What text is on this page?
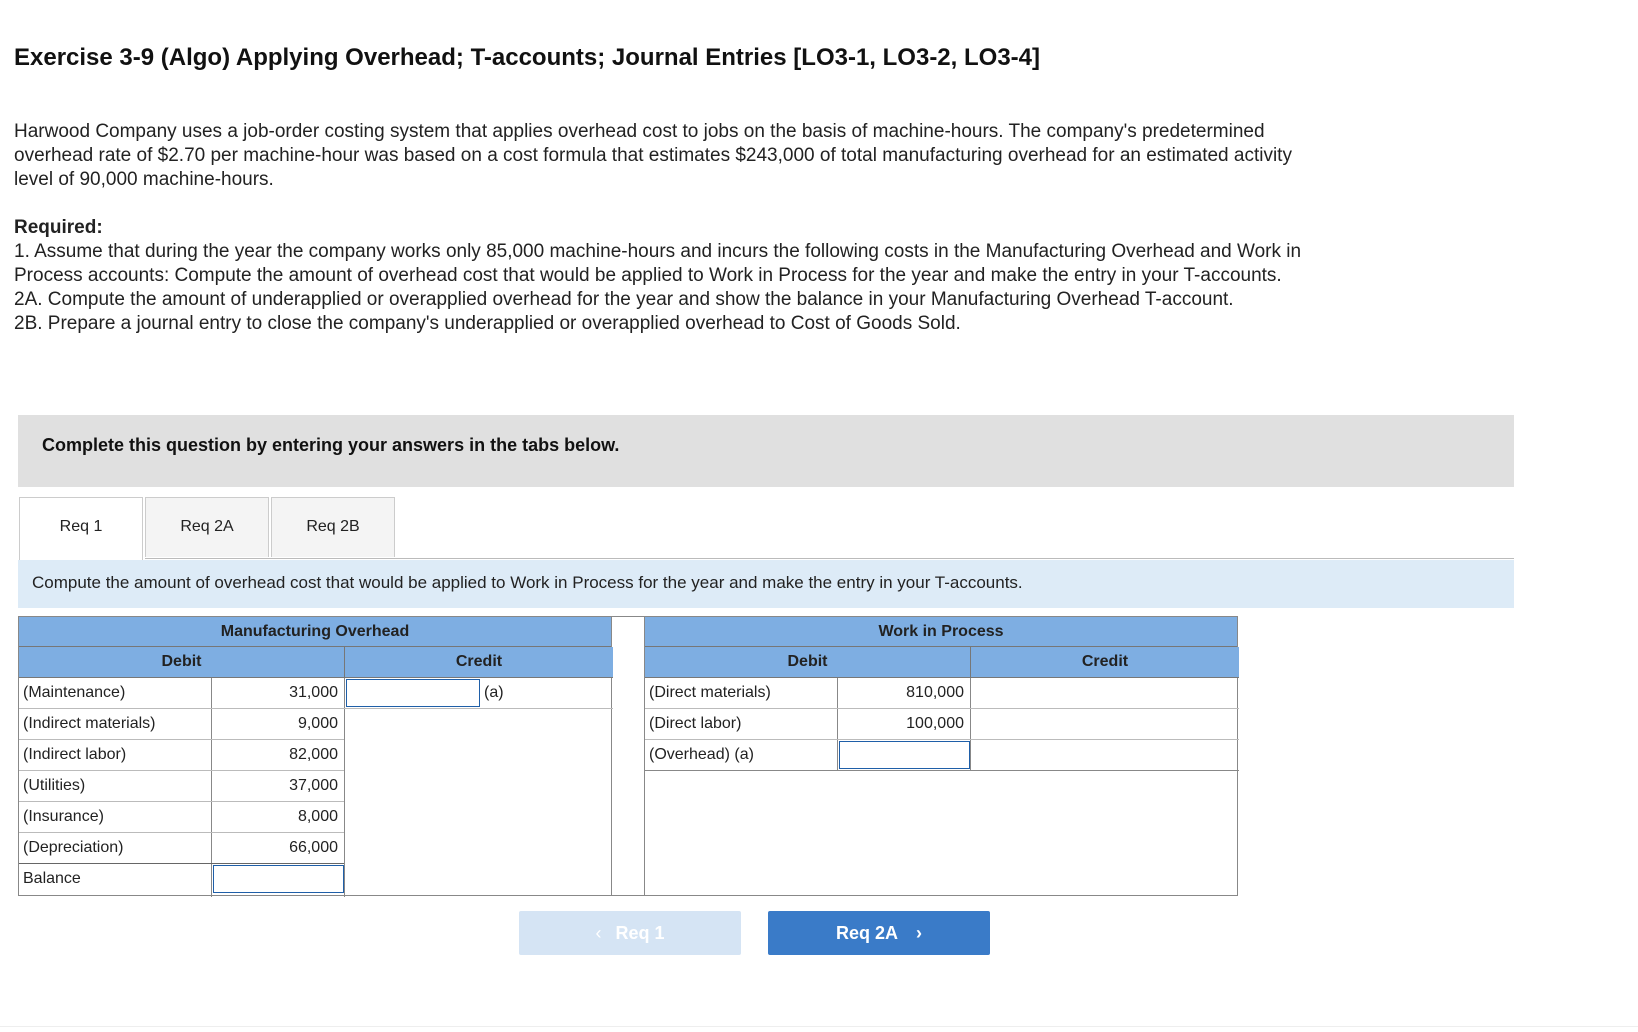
Exercise 3-9 (Algo) Applying Overhead; T-accounts; Journal Entries [LO3-1, LO3-2, LO3-4]

Harwood Company uses a job-order costing system that applies overhead cost to jobs on the basis of machine-hours. The company's predetermined overhead rate of $2.70 per machine-hour was based on a cost formula that estimates $243,000 of total manufacturing overhead for an estimated activity level of 90,000 machine-hours.

Required:
1. Assume that during the year the company works only 85,000 machine-hours and incurs the following costs in the Manufacturing Overhead and Work in Process accounts: Compute the amount of overhead cost that would be applied to Work in Process for the year and make the entry in your T-accounts.
2A. Compute the amount of underapplied or overapplied overhead for the year and show the balance in your Manufacturing Overhead T-account.
2B. Prepare a journal entry to close the company's underapplied or overapplied overhead to Cost of Goods Sold.
Complete this question by entering your answers in the tabs below.
Req 1	Req 2A	Req 2B
Compute the amount of overhead cost that would be applied to Work in Process for the year and make the entry in your T-accounts.
Manufacturing Overhead
Debit	Credit
(Maintenance)	31,000	(a)
(Indirect materials)	9,000
(Indirect labor)	82,000
(Utilities)	37,000
(Insurance)	8,000
(Depreciation)	66,000
Balance
Work in Process
Debit	Credit
(Direct materials)	810,000
(Direct labor)	100,000
(Overhead) (a)
‹ Req 1	Req 2A ›
